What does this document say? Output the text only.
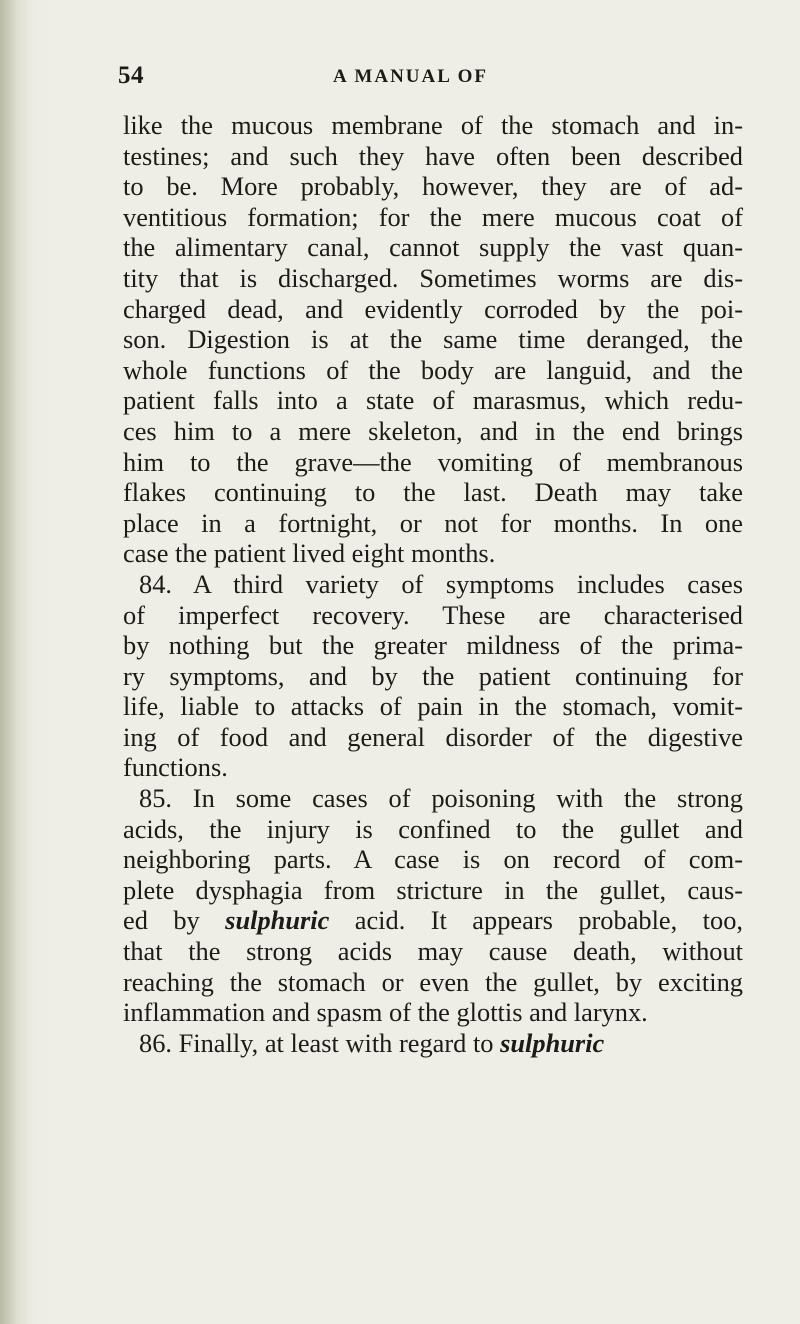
54	A MANUAL OF
like the mucous membrane of the stomach and in-
testines; and such they have often been described
to be. More probably, however, they are of ad-
ventitious formation; for the mere mucous coat of
the alimentary canal, cannot supply the vast quan-
tity that is discharged. Sometimes worms are dis-
charged dead, and evidently corroded by the poi-
son. Digestion is at the same time deranged, the
whole functions of the body are languid, and the
patient falls into a state of marasmus, which redu-
ces him to a mere skeleton, and in the end brings
him to the grave—the vomiting of membranous
flakes continuing to the last. Death may take
place in a fortnight, or not for months. In one
case the patient lived eight months.
84. A third variety of symptoms includes cases
of imperfect recovery. These are characterised
by nothing but the greater mildness of the prima-
ry symptoms, and by the patient continuing for
life, liable to attacks of pain in the stomach, vomit-
ing of food and general disorder of the digestive
functions.
85. In some cases of poisoning with the strong
acids, the injury is confined to the gullet and
neighboring parts. A case is on record of com-
plete dysphagia from stricture in the gullet, caus-
ed by sulphuric acid. It appears probable, too,
that the strong acids may cause death, without
reaching the stomach or even the gullet, by exciting
inflammation and spasm of the glottis and larynx.
86. Finally, at least with regard to sulphuric
